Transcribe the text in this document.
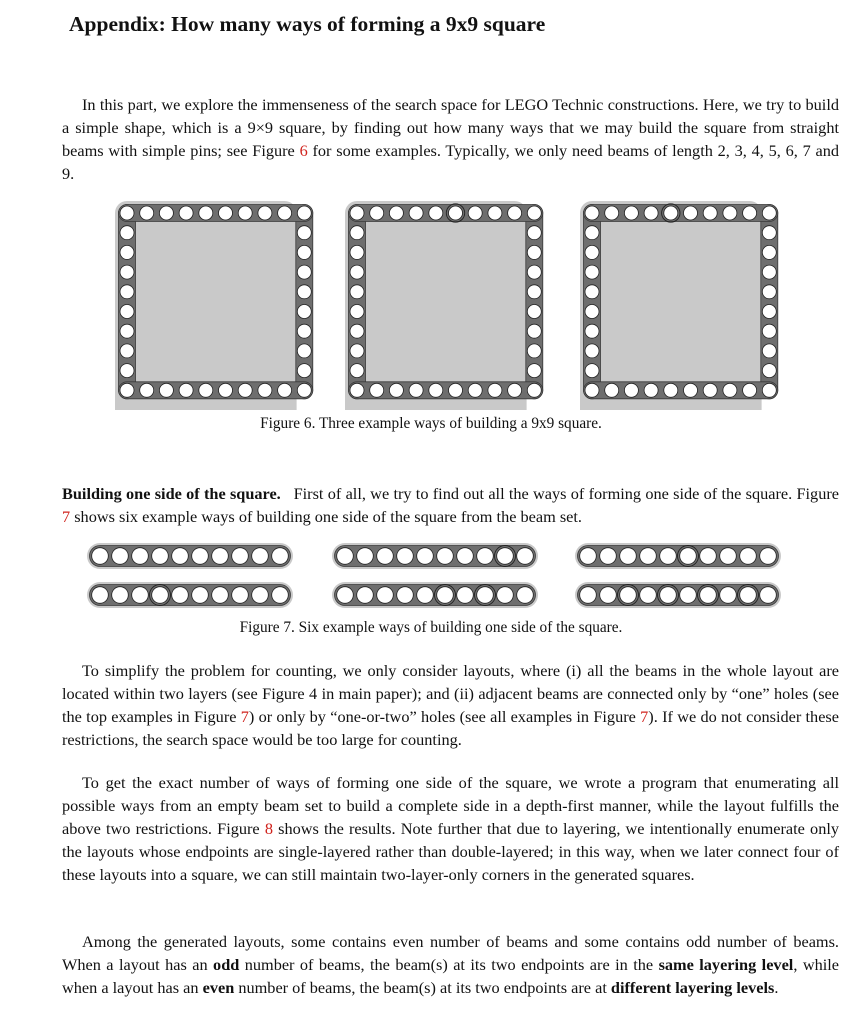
Appendix: How many ways of forming a 9x9 square

In this part, we explore the immenseness of the search space for LEGO Technic constructions. Here, we try to build a simple shape, which is a 9×9 square, by finding out how many ways that we may build the square from straight beams with simple pins; see Figure 6 for some examples. Typically, we only need beams of length 2, 3, 4, 5, 6, 7 and 9.

Figure 6. Three example ways of building a 9x9 square.

Building one side of the square. First of all, we try to find out all the ways of forming one side of the square. Figure 7 shows six example ways of building one side of the square from the beam set.

Figure 7. Six example ways of building one side of the square.

To simplify the problem for counting, we only consider layouts, where (i) all the beams in the whole layout are located within two layers (see Figure 4 in main paper); and (ii) adjacent beams are connected only by “one” holes (see the top examples in Figure 7) or only by “one-or-two” holes (see all examples in Figure 7). If we do not consider these restrictions, the search space would be too large for counting.

To get the exact number of ways of forming one side of the square, we wrote a program that enumerating all possible ways from an empty beam set to build a complete side in a depth-first manner, while the layout fulfills the above two restrictions. Figure 8 shows the results. Note further that due to layering, we intentionally enumerate only the layouts whose endpoints are single-layered rather than double-layered; in this way, when we later connect four of these layouts into a square, we can still maintain two-layer-only corners in the generated squares.

Among the generated layouts, some contains even number of beams and some contains odd number of beams. When a layout has an odd number of beams, the beam(s) at its two endpoints are in the same layering level, while when a layout has an even number of beams, the beam(s) at its two endpoints are at different layering levels.
